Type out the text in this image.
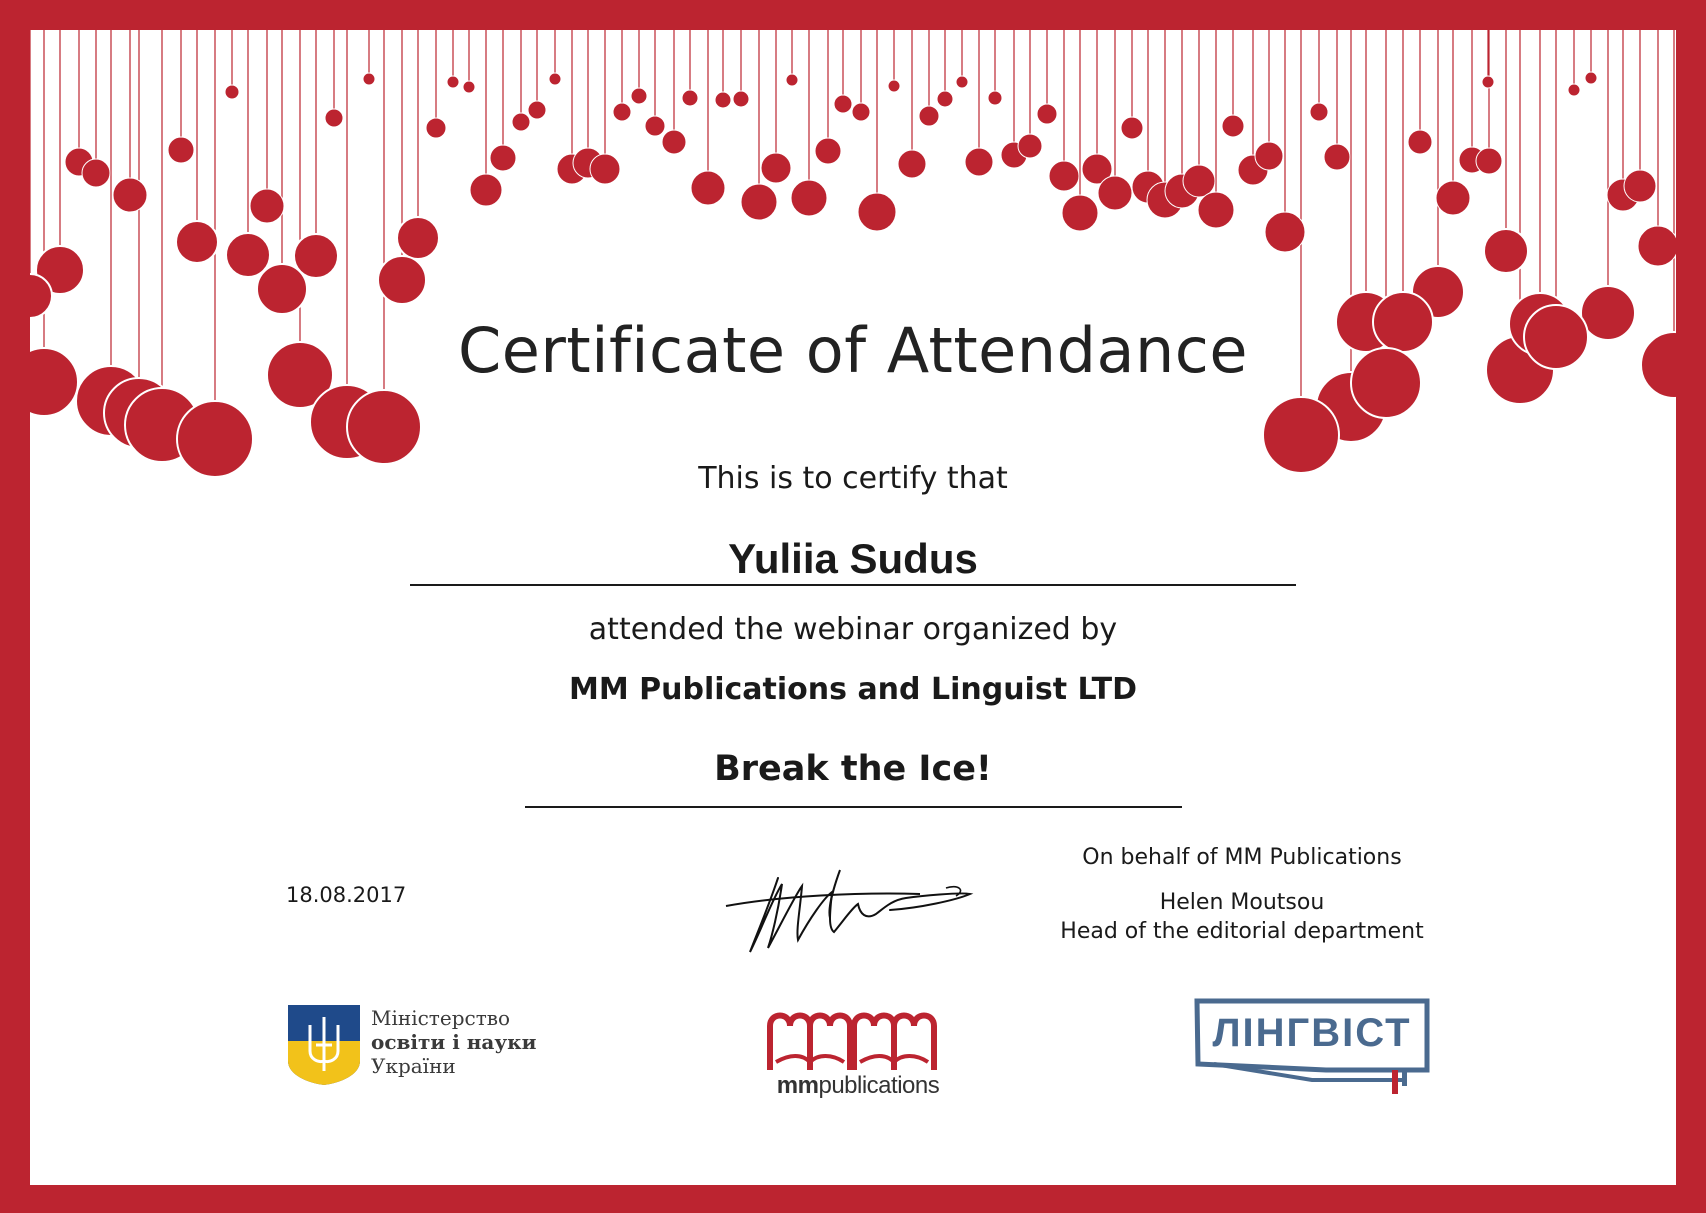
Certificate of Attendance
This is to certify that
Yuliia Sudus
attended the webinar organized by
MM Publications and Linguist LTD
Break the Ice!
18.08.2017
On behalf of MM Publications
Helen Moutsou
Head of the editorial department
Міністерство
освіти і науки
України
mmpublications
ЛІНГВІСТ
